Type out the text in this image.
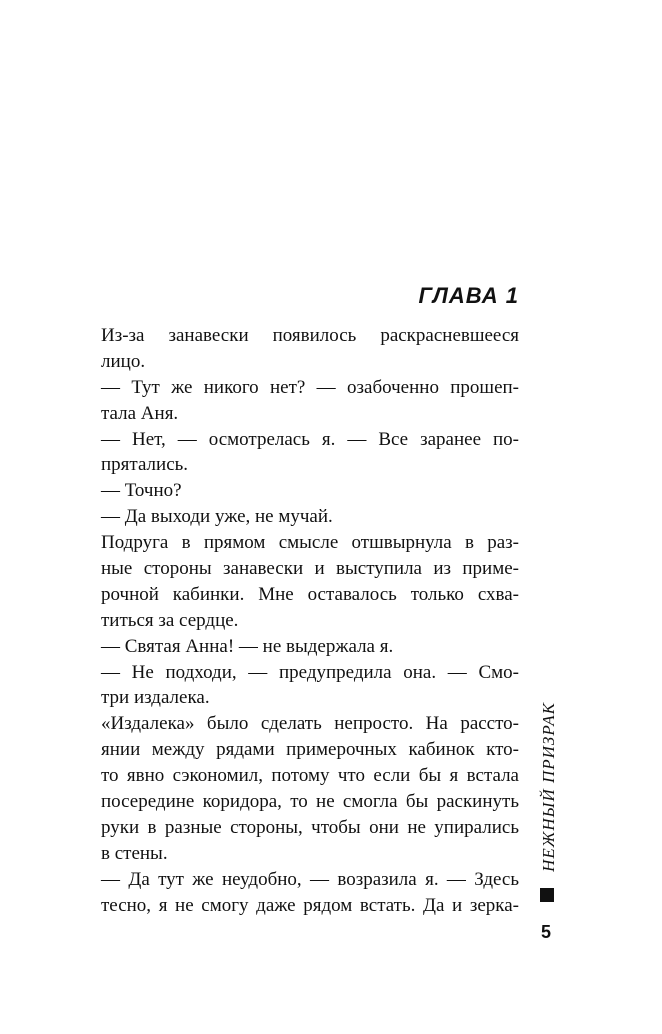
ГЛАВА 1
Из-за занавески появилось раскрасневшееся
лицо.
— Тут же никого нет? — озабоченно прошеп-
тала Аня.
— Нет, — осмотрелась я. — Все заранее по-
прятались.
— Точно?
— Да выходи уже, не мучай.
Подруга в прямом смысле отшвырнула в раз-
ные стороны занавески и выступила из приме-
рочной кабинки. Мне оставалось только схва-
титься за сердце.
— Святая Анна! — не выдержала я.
— Не подходи, — предупредила она. — Смо-
три издалека.
«Издалека» было сделать непросто. На рассто-
янии между рядами примерочных кабинок кто-
то явно сэкономил, потому что если бы я встала
посередине коридора, то не смогла бы раскинуть
руки в разные стороны, чтобы они не упирались
в стены.
— Да тут же неудобно, — возразила я. — Здесь
тесно, я не смогу даже рядом встать. Да и зерка-
НЕЖНЫЙ ПРИЗРАК
5
